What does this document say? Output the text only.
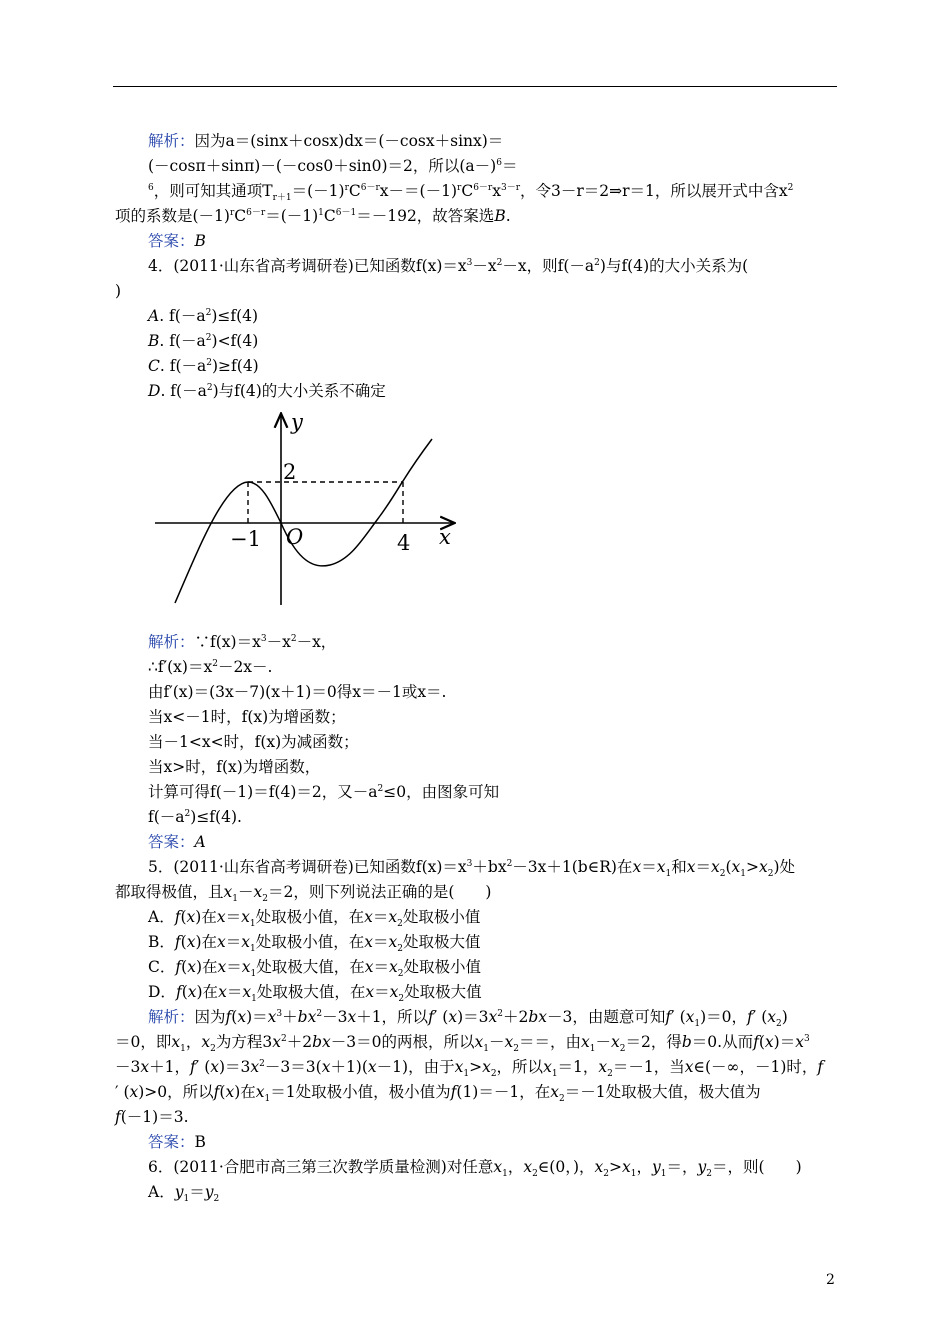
解析：因为a＝(sinx＋cosx)dx＝(－cosx＋sinx)＝
(－cosπ＋sinπ)－(－cos0＋sin0)＝2，所以$(a-)^6=$
$^6$，则可知其通项$T_{r+1}=(-1)^rC^{6-r}x-=(-1)^rC^{6-r}x^{3-r}$，令3－r＝2⇒r＝1，所以展开式中含$x^2$
项的系数是$(-1)^rC^{6-r}=(-1)^1C^{6-1}=-192$，故答案选B.
答案：B
4．(2011·山东省高考调研卷)已知函数$f(x)=x^3-x^2-x$，则$f(-a^2)$与f(4)的大小关系为(
)
A. $f(-a^2)\le f(4)$
B. $f(-a^2)<f(4)$
C. $f(-a^2)\ge f(4)$
D. $f(-a^2)$与f(4)的大小关系不确定
解析：$\because f(x)=x^3-x^2-x$，
$\therefore f'(x)=x^2-2x-$.
由f′(x)＝(3x－7)(x＋1)＝0得x＝－1或x＝.
当x<－1时，f(x)为增函数；
当－1<x<时，f(x)为减函数；
当x>时，f(x)为增函数，
计算可得f(－1)＝f(4)＝2，又$-a^2\le 0$，由图象可知
$f(-a^2)\le f(4)$.
答案：A
5．(2011·山东省高考调研卷)已知函数$f(x)=x^3+bx^2-3x+1(b\in R)$在$x=x_1$和$x=x_2(x_1>x_2)$处
都取得极值，且$x_1-x_2=2$，则下列说法正确的是(　　)
A．f(x)在$x=x_1$处取极小值，在$x=x_2$处取极小值
B．f(x)在$x=x_1$处取极小值，在$x=x_2$处取极大值
C．f(x)在$x=x_1$处取极大值，在$x=x_2$处取极小值
D．f(x)在$x=x_1$处取极大值，在$x=x_2$处取极大值
解析：因为$f(x)=x^3+bx^2-3x+1$，所以f′ $(x)=3x^2+2bx-3$，由题意可知f′ $(x_1)=0$，f′ $(x_2)$
＝0，即$x_1$，$x_2$为方程$3x^2+2bx-3=0$的两根，所以$x_1-x_2==$，由$x_1-x_2=2$，得b＝0.从而$f(x)=x^3$
－3x＋1，f′ $(x)=3x^2-3=3(x+1)(x-1)$，由于$x_1>x_2$，所以$x_1=1$，$x_2=-1$，当x∈(－∞，－1)时，f
′ (x)>0，所以f(x)在$x_1=1$处取极小值，极小值为f(1)＝－1，在$x_2=-1$处取极大值，极大值为
f(－1)＝3.
答案：B
6．(2011·合肥市高三第三次教学质量检测)对任意$x_1$，$x_2\in(0$，)，$x_2>x_1$，$y_1=$，$y_2=$，则(　　)
A．$y_1=y_2$
y
x
O
2
−1	4
2
